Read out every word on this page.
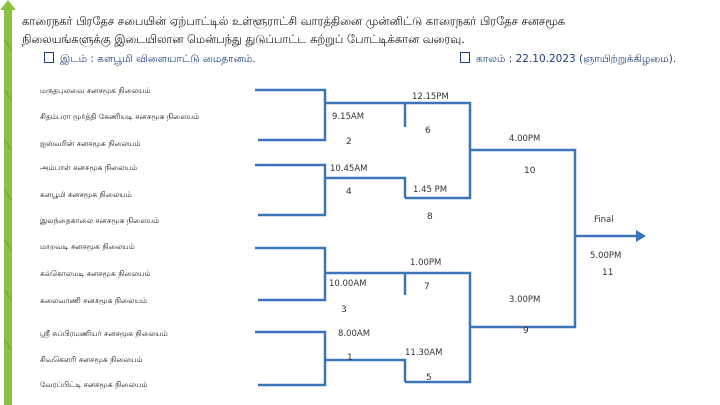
காரைநகர் பிரதேச சபையின் ஏற்பாட்டில் உள்ளூராட்சி வாரத்தினை முன்னிட்டு காரைநகர் பிரதேச சனசமூக
நிலையங்களுக்கு இடையிலான மென்பந்து துடுப்பாட்ட சுற்றுப் போட்டிக்கான வரைவு.
இடம் : களபூமி விளையாட்டு மைதானம்.	காலம் : 22.10.2023 (ஞாயிற்றுக்கிழமை).
மருதபுலவை சனசமூக நிலையம்
சிதம்பரா மூர்த்தி கேணியடி சனசமூக நிலையம்
ஐஸ்வரின் சனசமூக நிலையம்
அம்பாள் சனசமூக நிலையம்
களபூமி சனசமூக நிலையம்
இலந்தைகாலை சனசமூக நிலையம்
மாறவடி சனசமூக நிலையம்
கல்கொலமடி சனசமூக நிலையம்
கலைவாணி சனசமூக நிலையம்
ஸ்ரீ சுப்பிரமணியர் சனசமூக நிலையம்
சிவகௌரி சனசமூக நிலையம்
வேரப்பிட்டி சனசமூக நிலையம்
9.15AM
2
10.45AM
4
10.00AM
3
8.00AM
1
12.15PM
6
1.45 PM
8
1.00PM
7
11.30AM
5
4.00PM
10
3.00PM
9
Final
5.00PM
11
